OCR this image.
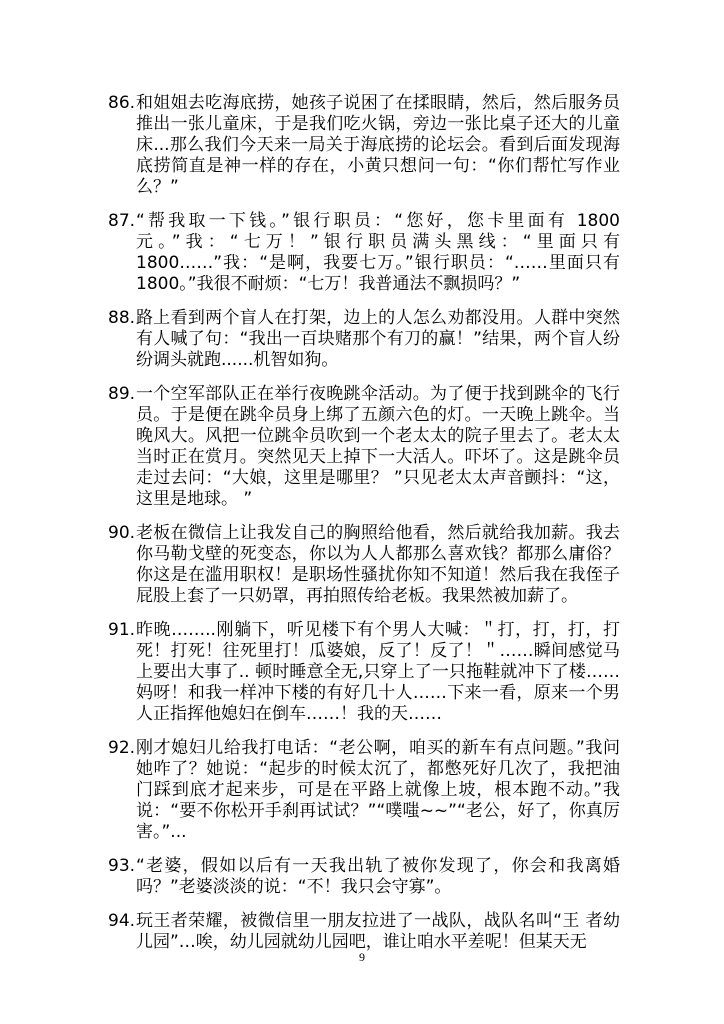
86. 和姐姐去吃海底捞，她孩子说困了在揉眼睛，然后，然后服务员推出一张儿童床，于是我们吃火锅，旁边一张比桌子还大的儿童床...那么我们今天来一局关于海底捞的论坛会。看到后面发现海底捞简直是神一样的存在，小黄只想问一句：“你们帮忙写作业么？”
87. “帮我取一下钱。”银行职员：“您好，您卡里面有 1800 元。”我：“七万！”银行职员满头黑线：“里面只有 1800……”我：“是啊，我要七万。”银行职员：“……里面只有 1800。”我很不耐烦：“七万！我普通法不飘损吗？”
88. 路上看到两个盲人在打架，边上的人怎么劝都没用。人群中突然有人喊了句：“我出一百块赌那个有刀的赢！”结果，两个盲人纷纷调头就跑......机智如狗。
89. 一个空军部队正在举行夜晚跳伞活动。为了便于找到跳伞的飞行员。于是便在跳伞员身上绑了五颜六色的灯。一天晚上跳伞。当晚风大。风把一位跳伞员吹到一个老太太的院子里去了。老太太当时正在赏月。突然见天上掉下一大活人。吓坏了。这是跳伞员走过去问：“大娘，这里是哪里？ ”只见老太太声音颤抖：“这，这里是地球。 ”
90. 老板在微信上让我发自己的胸照给他看，然后就给我加薪。我去你马勒戈壁的死变态，你以为人人都那么喜欢钱？都那么庸俗？你这是在滥用职权！是职场性骚扰你知不知道！然后我在我侄子屁股上套了一只奶罩，再拍照传给老板。我果然被加薪了。
91. 昨晚……..刚躺下，听见楼下有个男人大喊：＂打，打，打，打死！打死！往死里打！瓜婆娘，反了！反了！＂……瞬间感觉马上要出大事了.. 顿时睡意全无,只穿上了一只拖鞋就冲下了楼……妈呀！和我一样冲下楼的有好几十人……下来一看，原来一个男人正指挥他媳妇在倒车……！我的天……
92. 刚才媳妇儿给我打电话：“老公啊，咱买的新车有点问题。”我问她咋了？她说：“起步的时候太沉了，都憋死好几次了，我把油门踩到底才起来步，可是在平路上就像上坡，根本跑不动。”我说：“要不你松开手刹再试试？”“噗嗤~~”“老公，好了，你真厉害。”...
93. “老婆，假如以后有一天我出轨了被你发现了，你会和我离婚吗？”老婆淡淡的说：“不！我只会守寡”。
94. 玩王者荣耀，被微信里一朋友拉进了一战队，战队名叫“王 者幼儿园”…唉，幼儿园就幼儿园吧，谁让咱水平差呢！但某天无
9
